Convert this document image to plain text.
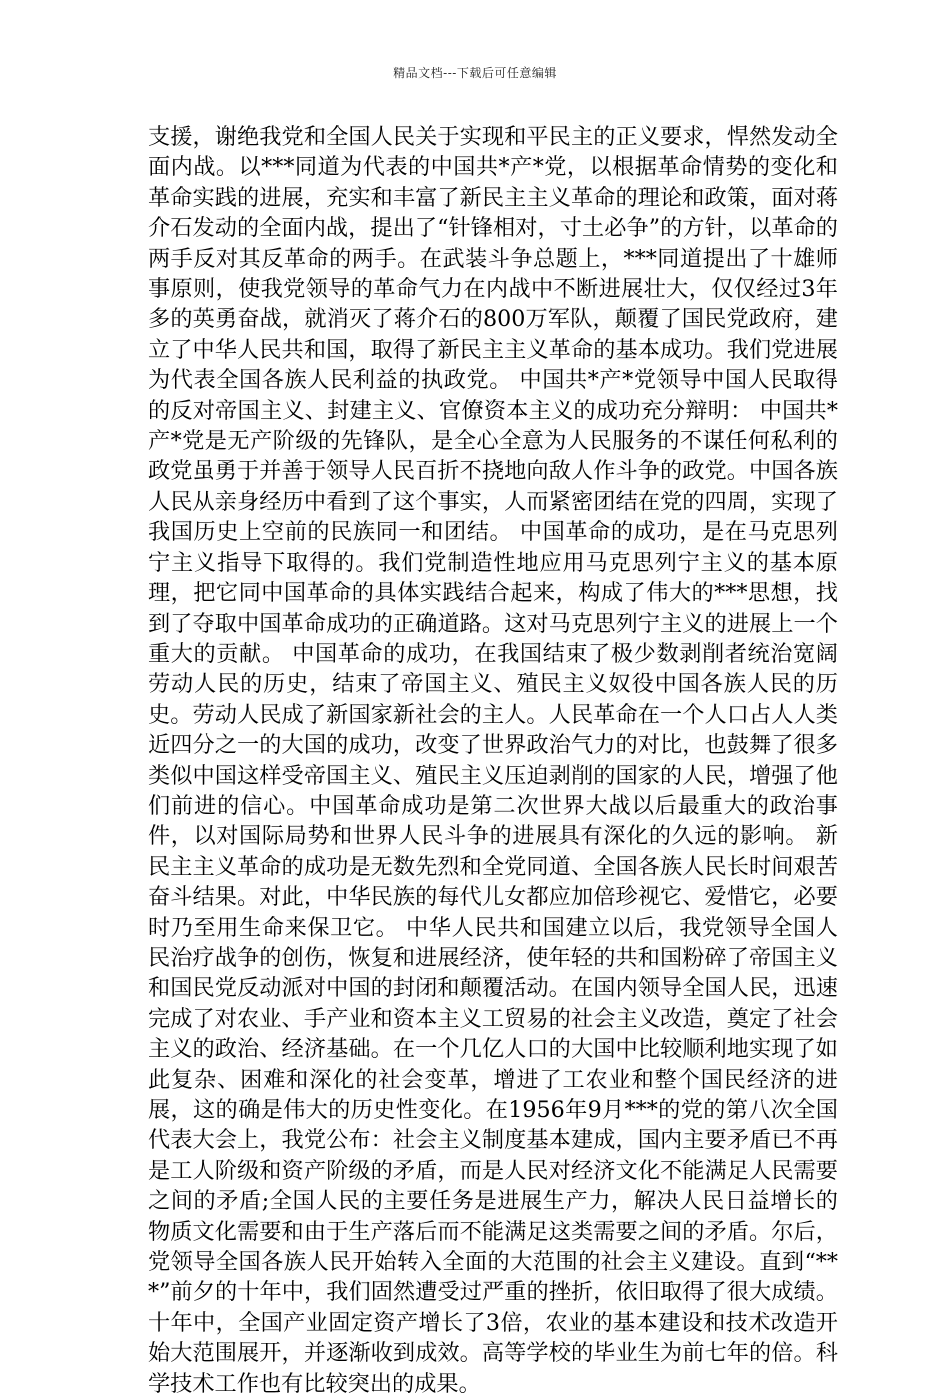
精品文档---下载后可任意编辑

支援，谢绝我党和全国人民关于实现和平民主的正义要求，悍然发动全面内战。以***同道为代表的中国共*产*党，以根据革命情势的变化和革命实践的进展，充实和丰富了新民主主义革命的理论和政策，面对蒋介石发动的全面内战，提出了“针锋相对，寸土必争”的方针，以革命的两手反对其反革命的两手。在武装斗争总题上，***同道提出了十雄师事原则，使我党领导的革命气力在内战中不断进展壮大，仅仅经过3年多的英勇奋战，就消灭了蒋介石的800万军队，颠覆了国民党政府，建立了中华人民共和国，取得了新民主主义革命的基本成功。我们党进展为代表全国各族人民利益的执政党。 中国共*产*党领导中国人民取得的反对帝国主义、封建主义、官僚资本主义的成功充分辩明： 中国共*产*党是无产阶级的先锋队，是全心全意为人民服务的不谋任何私利的政党虽勇于并善于领导人民百折不挠地向敌人作斗争的政党。中国各族人民从亲身经历中看到了这个事实，人而紧密团结在党的四周，实现了我国历史上空前的民族同一和团结。 中国革命的成功，是在马克思列宁主义指导下取得的。我们党制造性地应用马克思列宁主义的基本原理，把它同中国革命的具体实践结合起来，构成了伟大的***思想，找到了夺取中国革命成功的正确道路。这对马克思列宁主义的进展上一个重大的贡献。 中国革命的成功，在我国结束了极少数剥削者统治宽阔劳动人民的历史，结束了帝国主义、殖民主义奴役中国各族人民的历史。劳动人民成了新国家新社会的主人。人民革命在一个人口占人人类近四分之一的大国的成功，改变了世界政治气力的对比，也鼓舞了很多类似中国这样受帝国主义、殖民主义压迫剥削的国家的人民，增强了他们前进的信心。中国革命成功是第二次世界大战以后最重大的政治事件，以对国际局势和世界人民斗争的进展具有深化的久远的影响。 新民主主义革命的成功是无数先烈和全党同道、全国各族人民长时间艰苦奋斗结果。对此，中华民族的每代儿女都应加倍珍视它、爱惜它，必要时乃至用生命来保卫它。 中华人民共和国建立以后，我党领导全国人民治疗战争的创伤，恢复和进展经济，使年轻的共和国粉碎了帝国主义和国民党反动派对中国的封闭和颠覆活动。在国内领导全国人民，迅速完成了对农业、手产业和资本主义工贸易的社会主义改造，奠定了社会主义的政治、经济基础。在一个几亿人口的大国中比较顺利地实现了如此复杂、困难和深化的社会变革，增进了工农业和整个国民经济的进展，这的确是伟大的历史性变化。在1956年9月***的党的第八次全国代表大会上，我党公布：社会主义制度基本建成，国内主要矛盾已不再是工人阶级和资产阶级的矛盾，而是人民对经济文化不能满足人民需要之间的矛盾;全国人民的主要任务是进展生产力，解决人民日益增长的物质文化需要和由于生产落后而不能满足这类需要之间的矛盾。尔后，党领导全国各族人民开始转入全面的大范围的社会主义建设。直到“***”前夕的十年中，我们固然遭受过严重的挫折，依旧取得了很大成绩。十年中，全国产业固定资产增长了3倍，农业的基本建设和技术改造开始大范围展开，并逐渐收到成效。高等学校的毕业生为前七年的倍。科学技术工作也有比较突出的成果。
